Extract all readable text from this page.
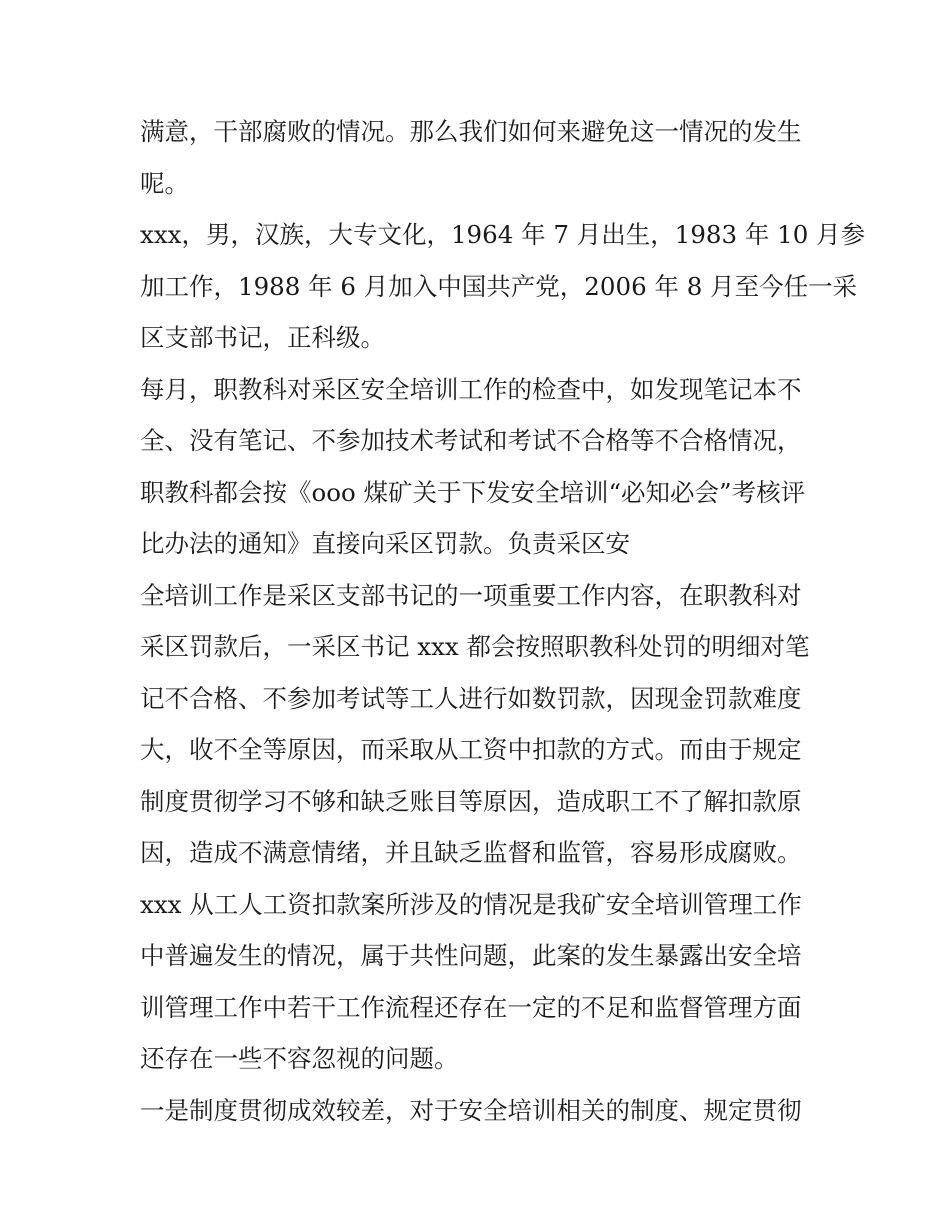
满意，干部腐败的情况。那么我们如何来避免这一情况的发生
呢。
xxx，男，汉族，大专文化，1964 年 7 月出生，1983 年 10 月参
加工作，1988 年 6 月加入中国共产党，2006 年 8 月至今任一采
区支部书记，正科级。
每月，职教科对采区安全培训工作的检查中，如发现笔记本不
全、没有笔记、不参加技术考试和考试不合格等不合格情况，
职教科都会按《ooo 煤矿关于下发安全培训“必知必会”考核评
比办法的通知》直接向采区罚款。负责采区安
全培训工作是采区支部书记的一项重要工作内容，在职教科对
采区罚款后，一采区书记 xxx 都会按照职教科处罚的明细对笔
记不合格、不参加考试等工人进行如数罚款，因现金罚款难度
大，收不全等原因，而采取从工资中扣款的方式。而由于规定
制度贯彻学习不够和缺乏账目等原因，造成职工不了解扣款原
因，造成不满意情绪，并且缺乏监督和监管，容易形成腐败。
xxx 从工人工资扣款案所涉及的情况是我矿安全培训管理工作
中普遍发生的情况，属于共性问题，此案的发生暴露出安全培
训管理工作中若干工作流程还存在一定的不足和监督管理方面
还存在一些不容忽视的问题。
一是制度贯彻成效较差，对于安全培训相关的制度、规定贯彻
